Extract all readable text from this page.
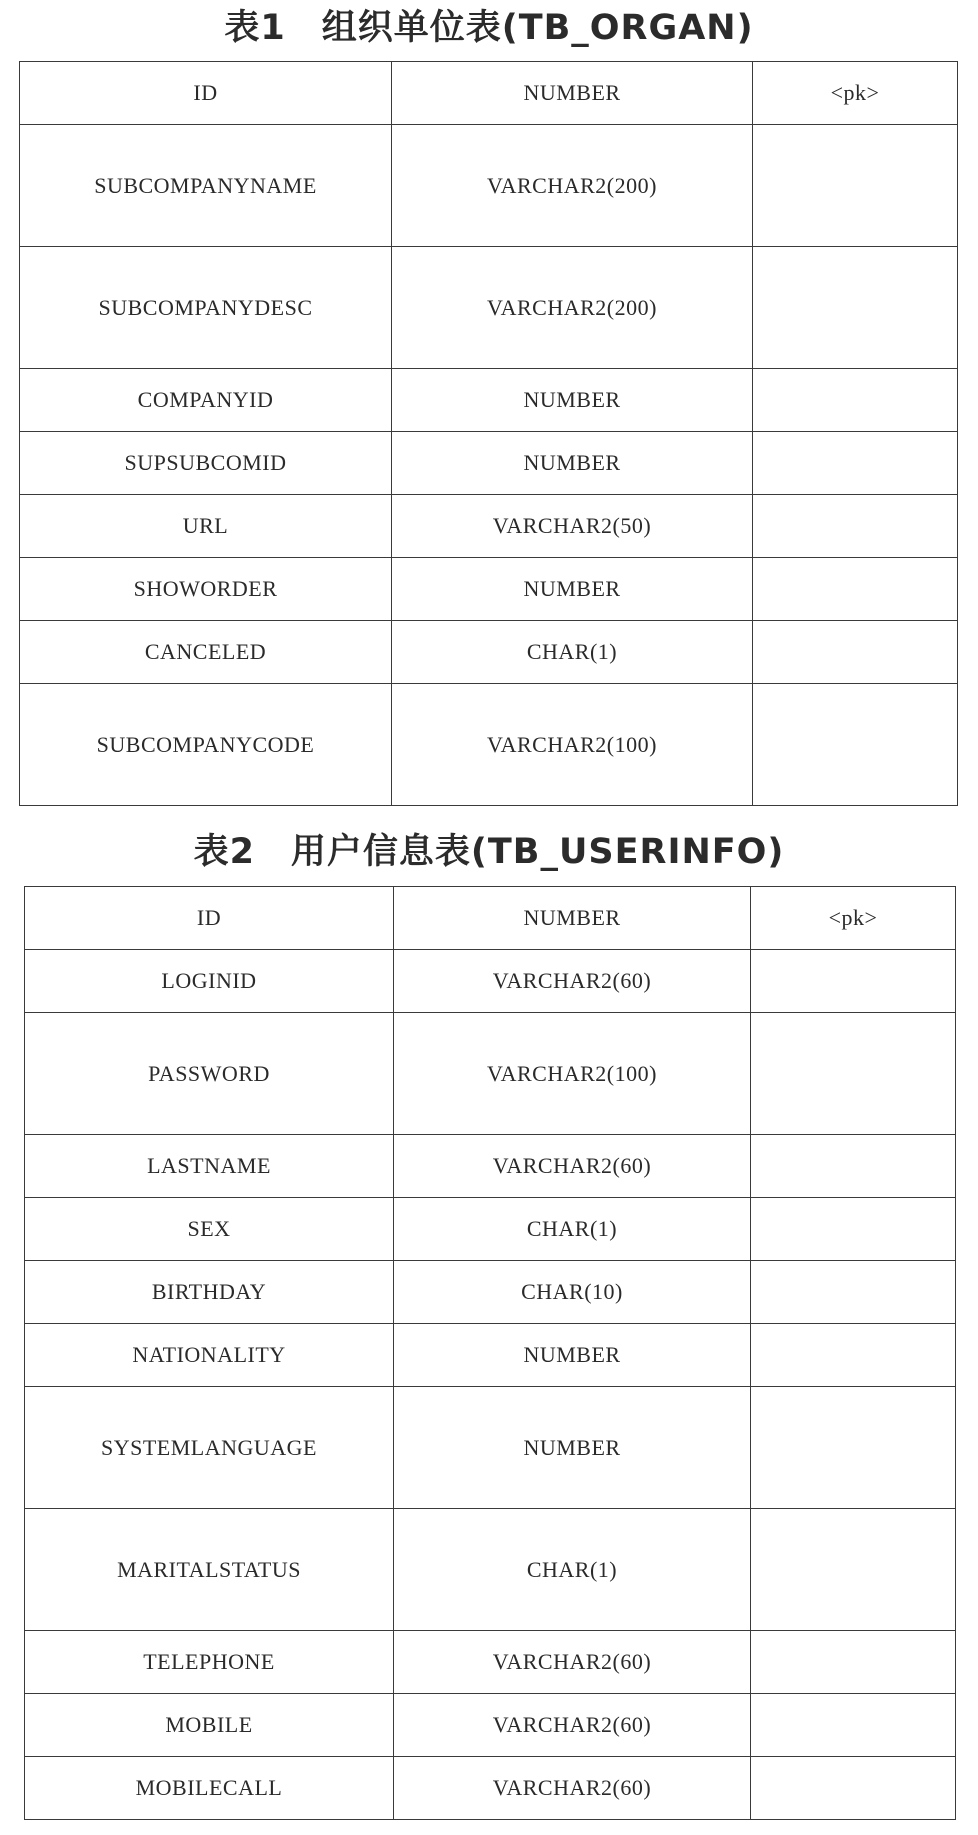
表1　组织单位表(TB_ORGAN)
ID	NUMBER	<pk>
SUBCOMPANYNAME	VARCHAR2(200)	
SUBCOMPANYDESC	VARCHAR2(200)	
COMPANYID	NUMBER	
SUPSUBCOMID	NUMBER	
URL	VARCHAR2(50)	
SHOWORDER	NUMBER	
CANCELED	CHAR(1)	
SUBCOMPANYCODE	VARCHAR2(100)	
表2　用户信息表(TB_USERINFO)
ID	NUMBER	<pk>
LOGINID	VARCHAR2(60)	
PASSWORD	VARCHAR2(100)	
LASTNAME	VARCHAR2(60)	
SEX	CHAR(1)	
BIRTHDAY	CHAR(10)	
NATIONALITY	NUMBER	
SYSTEMLANGUAGE	NUMBER	
MARITALSTATUS	CHAR(1)	
TELEPHONE	VARCHAR2(60)	
MOBILE	VARCHAR2(60)	
MOBILECALL	VARCHAR2(60)	
